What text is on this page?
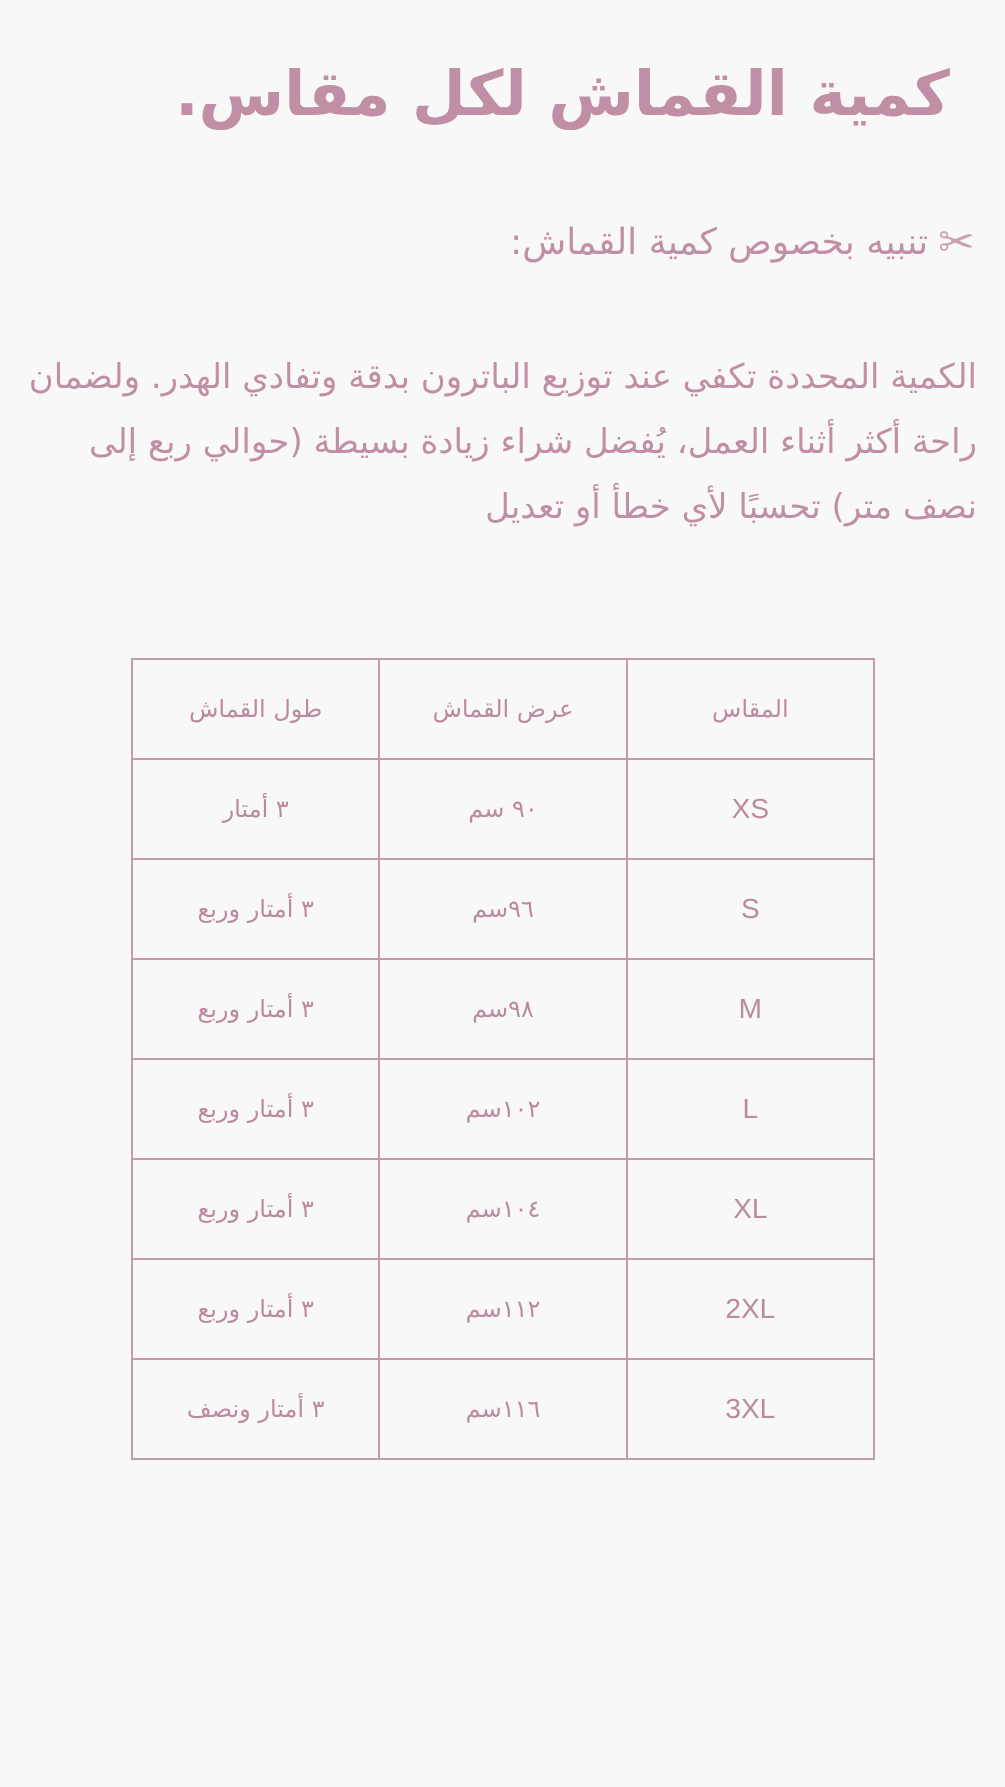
كمية القماش لكل مقاس.
✂
تنبيه بخصوص كمية القماش:

الكمية المحددة تكفي عند توزيع الباترون بدقة وتفادي الهدر. ولضمان راحة أكثر أثناء العمل، يُفضل شراء زيادة بسيطة (حوالي ربع إلى نصف متر) تحسبًا لأي خطأ أو تعديل

المقاس	عرض القماش	طول القماش
XS	٩٠ سم	٣ أمتار
S	٩٦سم	٣ أمتار وربع
M	٩٨سم	٣ أمتار وربع
L	١٠٢سم	٣ أمتار وربع
XL	١٠٤سم	٣ أمتار وربع
2XL	١١٢سم	٣ أمتار وربع
3XL	١١٦سم	٣ أمتار ونصف
